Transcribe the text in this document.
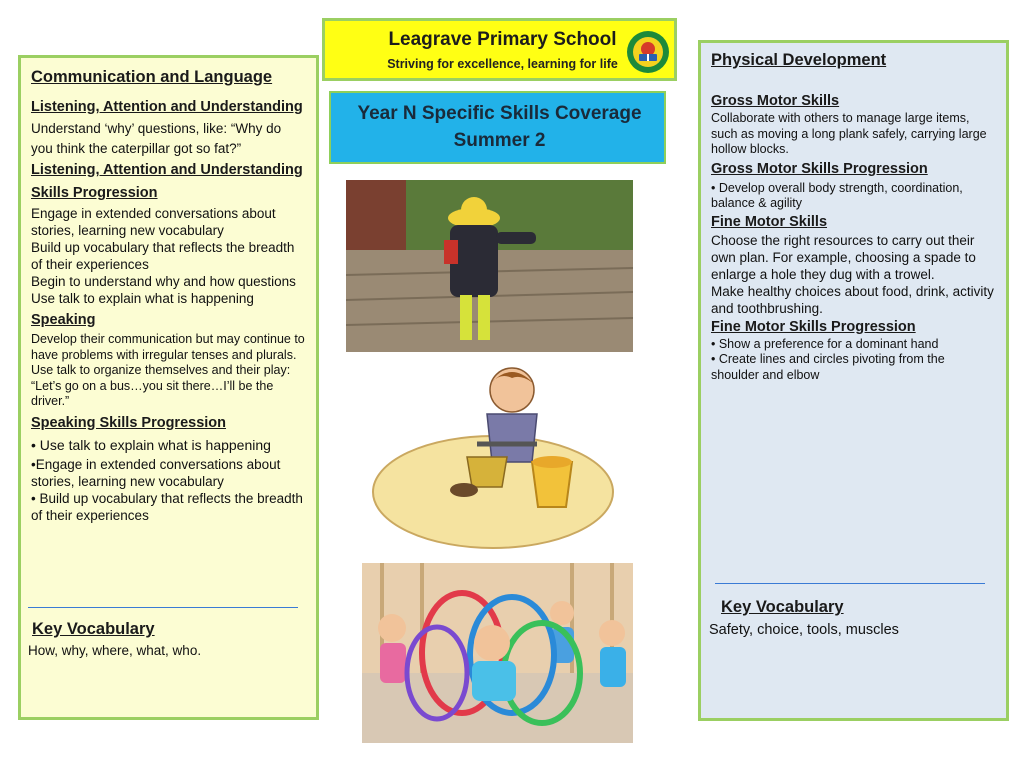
Leagrave Primary School
Striving for excellence, learning for life
Year N Specific Skills Coverage
Summer 2
Communication and Language
Listening, Attention and Understanding

Understand ‘why’ questions, like: “Why do you think the caterpillar got so fat?”

Listening, Attention and Understanding Skills Progression

Engage in extended conversations about stories, learning new vocabulary

Build up vocabulary that reflects the breadth of their experiences

Begin to understand why and how questions

Use talk to explain what is happening

Speaking

Develop their communication but may continue to have problems with irregular tenses and plurals.

Use talk to organize themselves and their play: “Let’s go on a bus…you sit there…I’ll be the driver.”

Speaking Skills Progression

• Use talk to explain what is happening

•Engage in extended conversations about stories, learning new vocabulary

• Build up vocabulary that reflects the breadth of their experiences

Key Vocabulary
How, why, where, what, who.
Physical Development
Gross Motor Skills

Collaborate with others to manage large items, such as moving a long plank safely, carrying large hollow blocks.

Gross Motor Skills Progression

• Develop overall body strength, coordination, balance & agility

Fine Motor Skills

Choose the right resources to carry out their own plan. For example, choosing a spade to enlarge a hole they dug with a trowel.

Make healthy choices about food, drink, activity and toothbrushing.

Fine Motor Skills Progression

• Show a preference for a dominant hand

• Create lines and circles pivoting from the shoulder and elbow

Key Vocabulary
Safety, choice, tools, muscles
